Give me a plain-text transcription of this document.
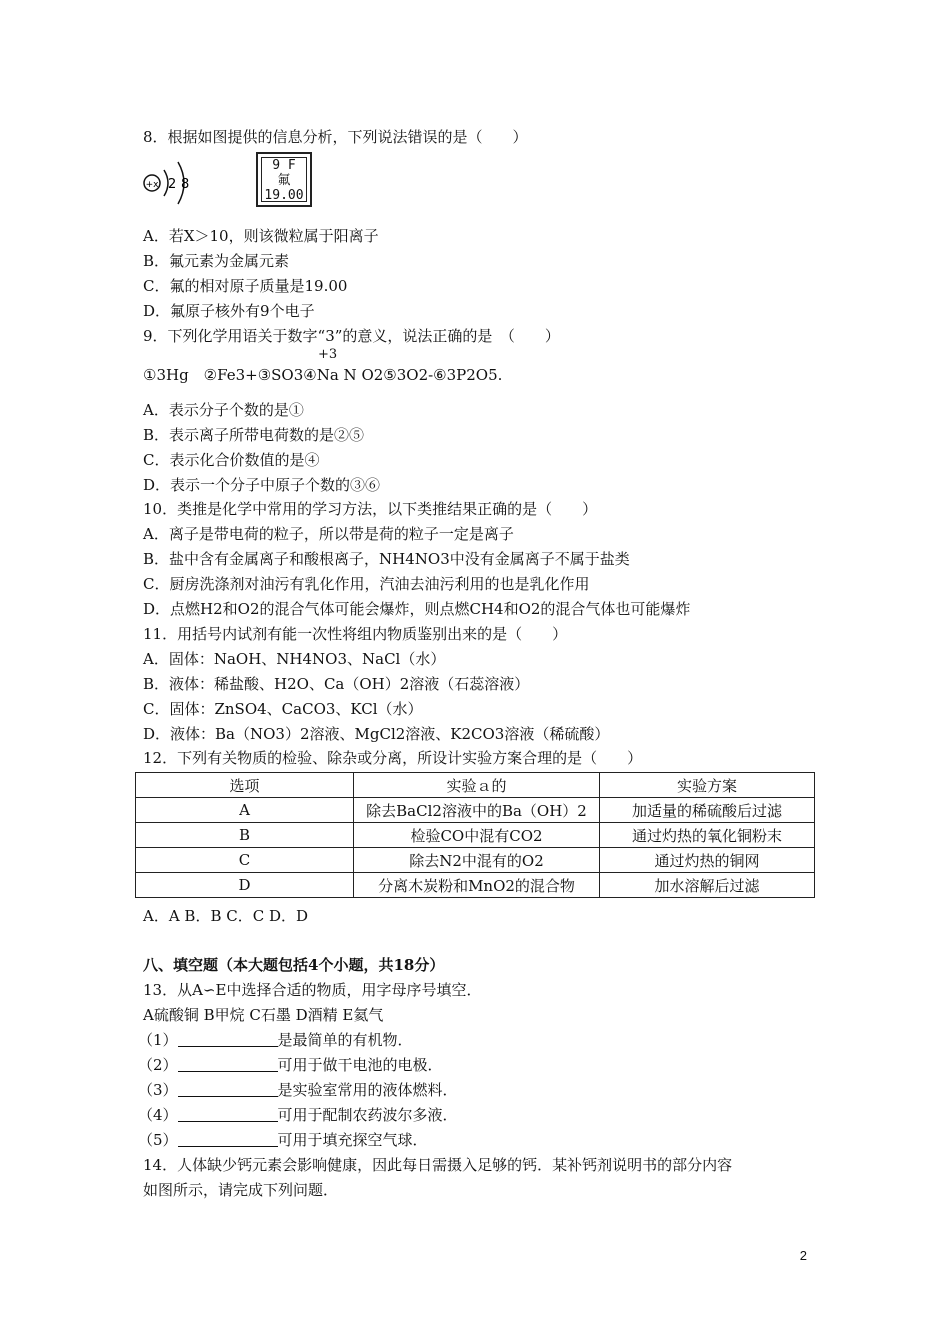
8．根据如图提供的信息分析，下列说法错误的是（　　）
+x 2 8
9 F
氟
19.00
A．若X＞10，则该微粒属于阳离子
B．氟元素为金属元素
C．氟的相对原子质量是19.00
D．氟原子核外有9个电子
9．下列化学用语关于数字“3”的意义，说法正确的是　（　　）
+3
①3Hg　②Fe3+③SO3④Na N O2⑤3O2-⑥3P2O5.
A．表示分子个数的是①
B．表示离子所带电荷数的是②⑤
C．表示化合价数值的是④
D．表示一个分子中原子个数的③⑥
10．类推是化学中常用的学习方法，以下类推结果正确的是（　　）
A．离子是带电荷的粒子，所以带是荷的粒子一定是离子
B．盐中含有金属离子和酸根离子，NH4NO3中没有金属离子不属于盐类
C．厨房洗涤剂对油污有乳化作用，汽油去油污利用的也是乳化作用
D．点燃H2和O2的混合气体可能会爆炸，则点燃CH4和O2的混合气体也可能爆炸
11．用括号内试剂有能一次性将组内物质鉴别出来的是（　　）
A．固体：NaOH、NH4NO3、NaCl（水）
B．液体：稀盐酸、H2O、Ca（OH）2溶液（石蕊溶液）
C．固体：ZnSO4、CaCO3、KCl（水）
D．液体：Ba（NO3）2溶液、MgCl2溶液、K2CO3溶液（稀硫酸）
12．下列有关物质的检验、除杂或分离，所设计实验方案合理的是（　　）
选项	实验ａ的	实验方案
A	除去BaCl2溶液中的Ba（OH）2	加适量的稀硫酸后过滤
B	检验CO中混有CO2	通过灼热的氧化铜粉末
C	除去N2中混有的O2	通过灼热的铜网
D	分离木炭粉和MnO2的混合物	加水溶解后过滤
A．A B．B C．C D．D
八、填空题（本大题包括4个小题，共18分）
13．从A∽E中选择合适的物质，用字母序号填空．
A硫酸铜 B甲烷 C石墨 D酒精 E氦气
（1）	是最简单的有机物．
（2）	可用于做干电池的电极．
（3）	是实验室常用的液体燃料．
（4）	可用于配制农药波尔多液．
（5）	可用于填充探空气球．
14．人体缺少钙元素会影响健康，因此每日需摄入足够的钙．某补钙剂说明书的部分内容
如图所示，请完成下列问题．
2
